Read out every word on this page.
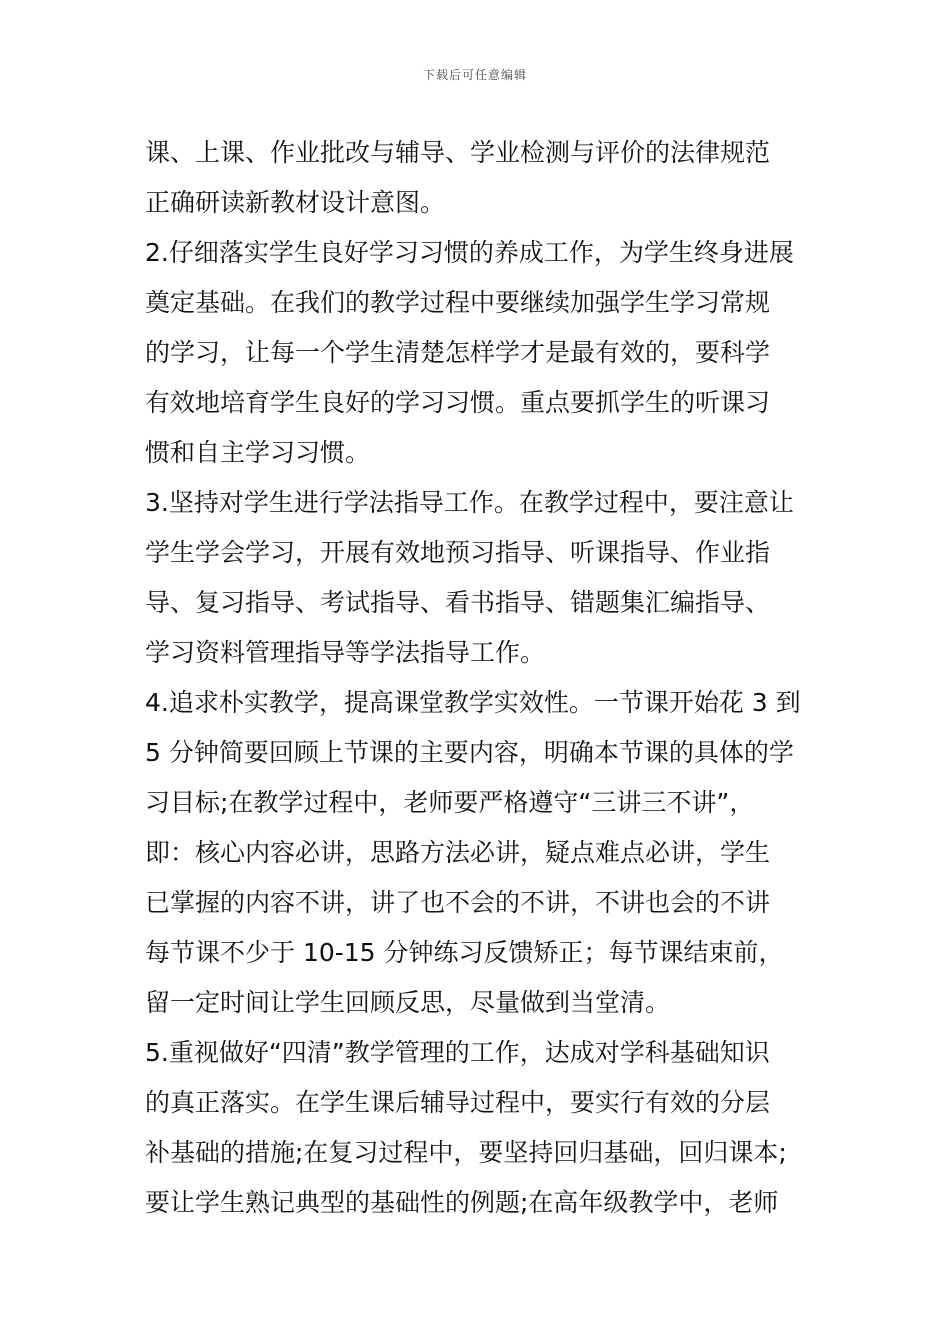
下载后可任意编辑
课、上课、作业批改与辅导、学业检测与评价的法律规范
正确研读新教材设计意图。
2.仔细落实学生良好学习习惯的养成工作，为学生终身进展
奠定基础。在我们的教学过程中要继续加强学生学习常规
的学习，让每一个学生清楚怎样学才是最有效的，要科学
有效地培育学生良好的学习习惯。重点要抓学生的听课习
惯和自主学习习惯。
3.坚持对学生进行学法指导工作。在教学过程中，要注意让
学生学会学习，开展有效地预习指导、听课指导、作业指
导、复习指导、考试指导、看书指导、错题集汇编指导、
学习资料管理指导等学法指导工作。
4.追求朴实教学，提高课堂教学实效性。一节课开始花 3 到
5 分钟简要回顾上节课的主要内容，明确本节课的具体的学
习目标;在教学过程中，老师要严格遵守“三讲三不讲”，
即：核心内容必讲，思路方法必讲，疑点难点必讲，学生
已掌握的内容不讲，讲了也不会的不讲，不讲也会的不讲
每节课不少于 10-15 分钟练习反馈矫正；每节课结束前，
留一定时间让学生回顾反思，尽量做到当堂清。
5.重视做好“四清”教学管理的工作，达成对学科基础知识
的真正落实。在学生课后辅导过程中，要实行有效的分层
补基础的措施;在复习过程中，要坚持回归基础，回归课本;
要让学生熟记典型的基础性的例题;在高年级教学中，老师
